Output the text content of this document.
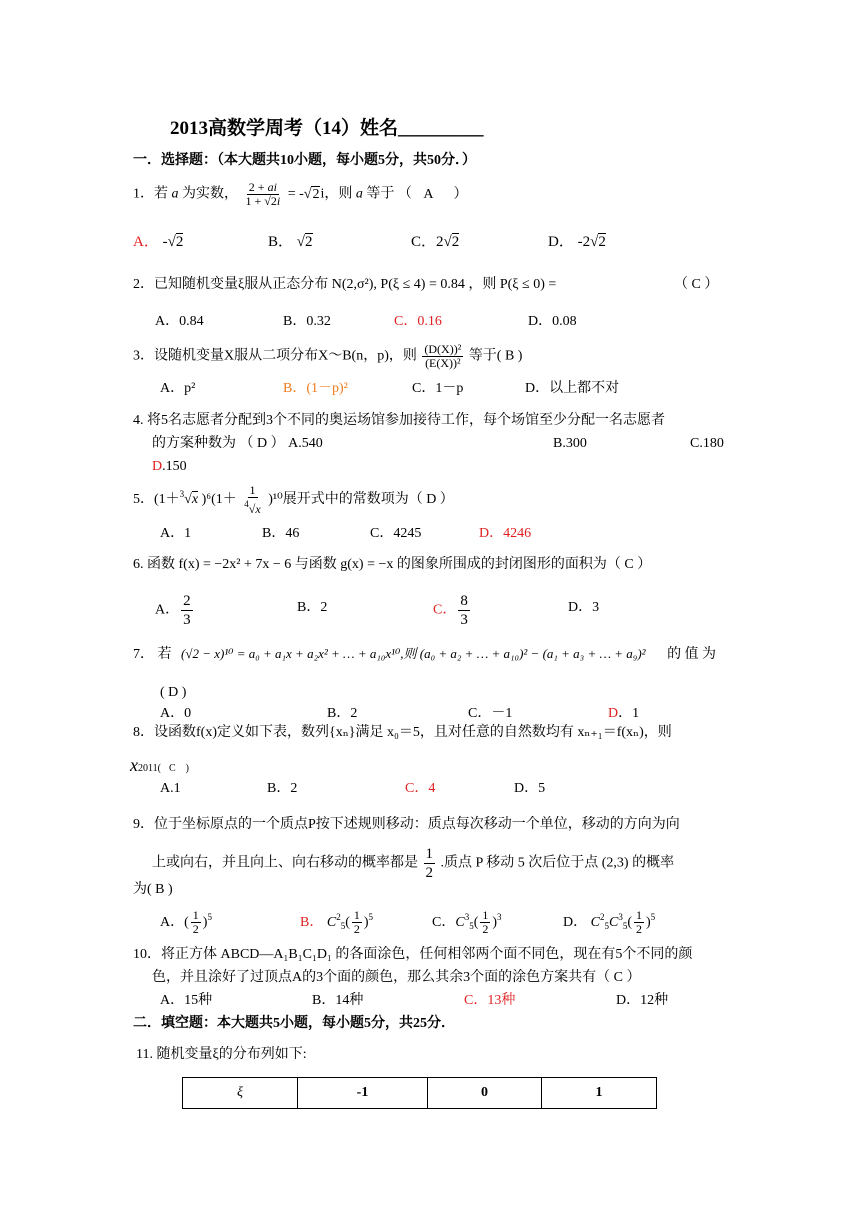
2013高数学周考（14）姓名_________
一．选择题：（本大题共10小题，每小题5分，共50分．）
1．若 a 为实数， $\frac{2 + ai}{1 + √2i} = -√2i$，则 a 等于 （ A ）
A． -√2	B． √2	C．2√2	D． -2√2
2．已知随机变量ξ服从正态分布 N(2,σ²), P(ξ ≤ 4) = 0.84 ，则 P(ξ ≤ 0) =	（ C ）
A．0.84	B．0.32	C．0.16	D．0.08
3．设随机变量X服从二项分布X～B(n，p)，则 $\frac{\text{(D(X))²}}{\text{(E(X))²}}$ 等于( B )
A．p²	B．(1－p)²	C．1－p	D．以上都不对
4. 将5名志愿者分配到3个不同的奥运场馆参加接待工作，每个场馆至少分配一名志愿者
的方案种数为 （ D ） A.540	B.300	C.180
D.150
5．(1＋$^3$√x )$^6(1+ \frac{1}{^4√x} )^{10}$展开式中的常数项为（ D ）
A．1	B．46	C．4245	D．4246
6. 函数 f(x) = −2x² + 7x − 6 与函数 g(x) = −x 的图象所围成的封闭图形的面积为（ C ）
A． $\frac{2}{3}$	B．2	C． $\frac{8}{3}$	D．3
7． 若 (√2 − x)¹⁰ = a₀ + a₁x + a₂x² + … + a₁₀x¹⁰,则 (a₀ + a₂ + … + a₁₀)² − (a₁ + a₃ + … + a₉)² 的 值 为
( D )
A．0	B．2	C．－1	D．1
8．设函数f(x)定义如下表，数列{xₙ}满足 x₀＝5，且对任意的自然数均有 xₙ₊₁＝f(xₙ)，则
x2011( C )
A.1	B．2	C．4	D．5
9．位于坐标原点的一个质点P按下述规则移动：质点每次移动一个单位，移动的方向为向
上或向右，并且向上、向右移动的概率都是 $\frac{1}{2}$ .质点 P 移动 5 次后位于点 (2,3) 的概率
为( B )
A．( $\frac{1}{2} )^5$	B． $C^2_5( \frac{1}{2} )^5$	C．$C^3_5( \frac{1}{2} )^3$	D． $C^2_5C^3_5( \frac{1}{2} )^5$
10．将正方体 ABCD—A₁B₁C₁D₁ 的各面涂色，任何相邻两个面不同色，现在有5个不同的颜
色，并且涂好了过顶点A的3个面的颜色，那么其余3个面的涂色方案共有（ C ）
A．15种	B．14种	C．13种	D．12种
二．填空题：本大题共5小题，每小题5分，共25分．
11. 随机变量ξ的分布列如下:
ξ	-1	0	1
